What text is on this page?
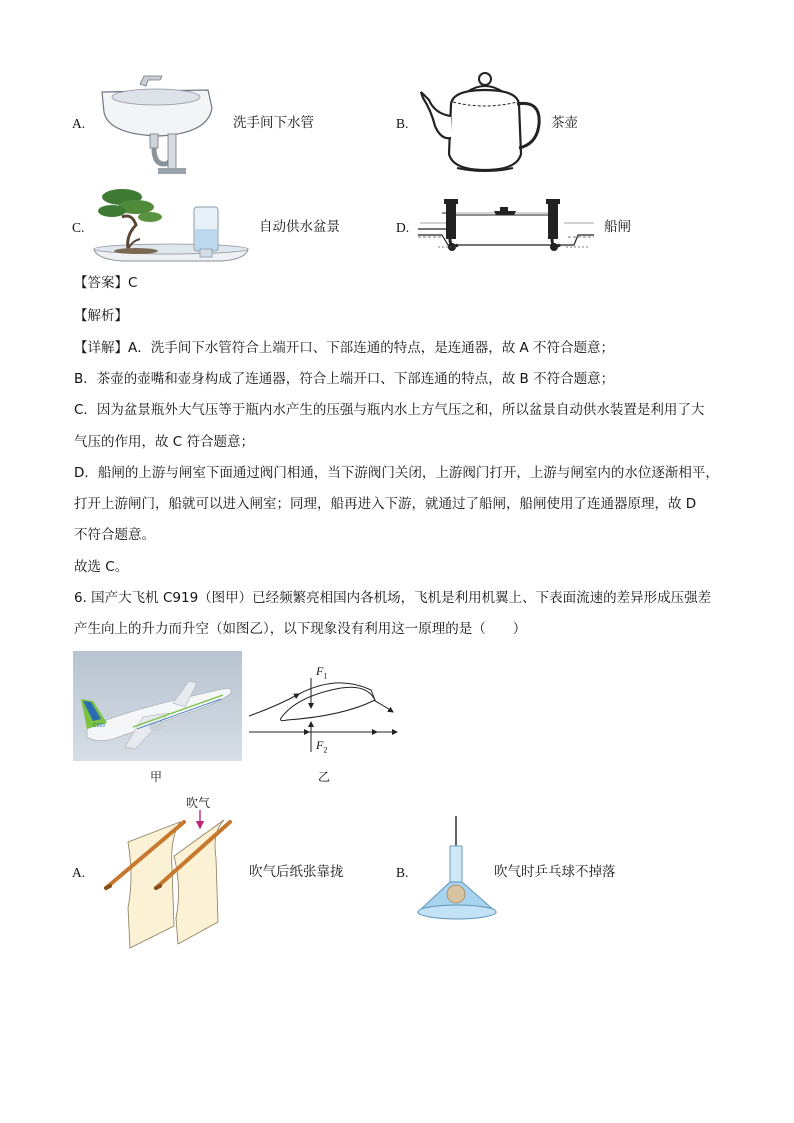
A.	洗手间下水管	B.	茶壶
C.	自动供水盆景	D.	船闸
【答案】C
【解析】
【详解】A．洗手间下水管符合上端开口、下部连通的特点，是连通器，故 A 不符合题意；
B．茶壶的壶嘴和壶身构成了连通器，符合上端开口、下部连通的特点，故 B 不符合题意；
C．因为盆景瓶外大气压等于瓶内水产生的压强与瓶内水上方气压之和，所以盆景自动供水装置是利用了大
气压的作用，故 C 符合题意；
D．船闸的上游与闸室下面通过阀门相通，当下游阀门关闭，上游阀门打开，上游与闸室内的水位逐渐相平，
打开上游闸门，船就可以进入闸室；同理，船再进入下游，就通过了船闸，船闸使用了连通器原理，故 D
不符合题意。
故选 C。
6. 国产大飞机 C919（图甲）已经频繁亮相国内各机场，飞机是利用机翼上、下表面流速的差异形成压强差
产生向上的升力而升空（如图乙），以下现象没有利用这一原理的是（　　）
C919
甲
$F_1$
$F_2$
乙
A.
吹气
吹气后纸张靠拢	B.	吹气时乒乓球不掉落
